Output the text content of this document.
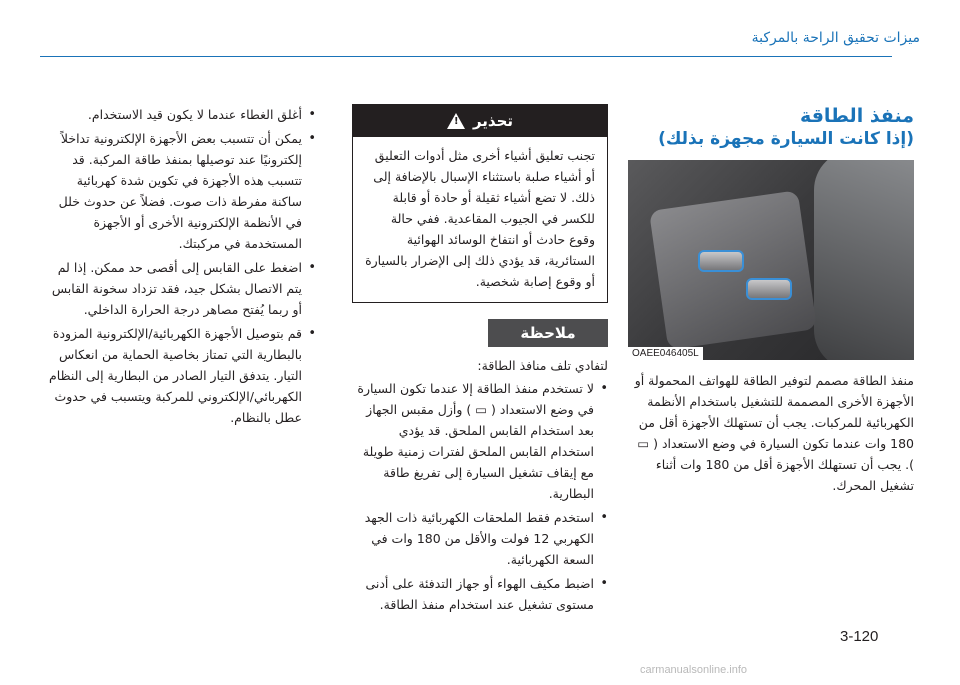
ميزات تحقيق الراحة بالمركبة
منفذ الطاقة
(إذا كانت السيارة مجهزة بذلك)
OAEE046405L
منفذ الطاقة مصمم لتوفير الطاقة للهواتف المحمولة أو الأجهزة الأخرى المصممة للتشغيل باستخدام الأنظمة الكهربائية للمركبات. يجب أن تستهلك الأجهزة أقل من 180 وات عندما تكون السيارة في وضع الاستعداد ( ▭ ). يجب أن تستهلك الأجهزة أقل من 180 وات أثناء تشغيل المحرك.
تحذير
!
تجنب تعليق أشياء أخرى مثل أدوات التعليق أو أشياء صلبة باستثناء الإسبال بالإضافة إلى ذلك. لا تضع أشياء ثقيلة أو حادة أو قابلة للكسر في الجيوب المقاعدية. ففي حالة وقوع حادث أو انتفاخ الوسائد الهوائية الستائرية، قد يؤدي ذلك إلى الإضرار بالسيارة أو وقوع إصابة شخصية.
ملاحظة
لتفادي تلف منافذ الطاقة:
• لا تستخدم منفذ الطاقة إلا عندما تكون السيارة في وضع الاستعداد ( ▭ ) وأزل مقبس الجهاز بعد استخدام القابس الملحق. قد يؤدي استخدام القابس الملحق لفترات زمنية طويلة مع إيقاف تشغيل السيارة إلى تفريغ طاقة البطارية.
• استخدم فقط الملحقات الكهربائية ذات الجهد الكهربي 12 فولت والأقل من 180 وات في السعة الكهربائية.
• اضبط مكيف الهواء أو جهاز التدفئة على أدنى مستوى تشغيل عند استخدام منفذ الطاقة.
• أغلق الغطاء عندما لا يكون قيد الاستخدام.
• يمكن أن تتسبب بعض الأجهزة الإلكترونية تداخلاً إلكترونيًا عند توصيلها بمنفذ طاقة المركبة. قد تتسبب هذه الأجهزة في تكوين شدة كهربائية ساكنة مفرطة ذات صوت. فضلاً عن حدوث خلل في الأنظمة الإلكترونية الأخرى أو الأجهزة المستخدمة في مركبتك.
• اضغط على القابس إلى أقصى حد ممكن. إذا لم يتم الاتصال بشكل جيد، فقد تزداد سخونة القابس أو ربما يُفتح مصاهر درجة الحرارة الداخلي.
• قم بتوصيل الأجهزة الكهربائية/الإلكترونية المزودة بالبطارية التي تمتاز بخاصية الحماية من انعكاس التيار. يتدفق التيار الصادر من البطارية إلى النظام الكهربائي/الإلكتروني للمركبة ويتسبب في حدوث عطل بالنظام.
3-120
carmanualsonline.info
